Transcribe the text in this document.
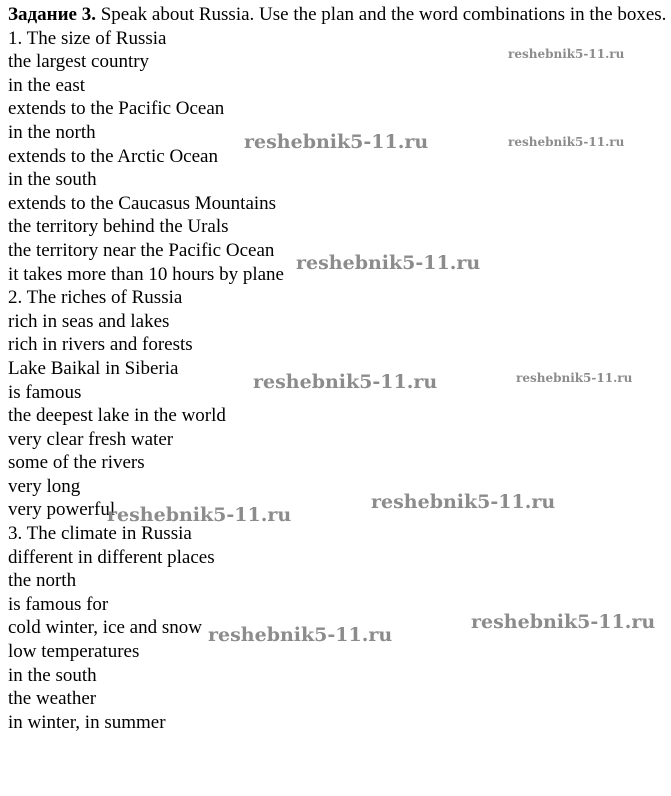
Задание 3. Speak about Russia. Use the plan and the word combinations in the boxes.

1. The size of Russia
the largest country
in the east
extends to the Pacific Ocean
in the north
extends to the Arctic Ocean
in the south
extends to the Caucasus Mountains
the territory behind the Urals
the territory near the Pacific Ocean
it takes more than 10 hours by plane
2. The riches of Russia
rich in seas and lakes
rich in rivers and forests
Lake Baikal in Siberia
is famous
the deepest lake in the world
very clear fresh water
some of the rivers
very long
very powerful
3. The climate in Russia
different in different places
the north
is famous for
cold winter, ice and snow
low temperatures
in the south
the weather
in winter, in summer
reshebnik5-11.ru
reshebnik5-11.ru	reshebnik5-11.ru
reshebnik5-11.ru
reshebnik5-11.ru	reshebnik5-11.ru
reshebnik5-11.ru
reshebnik5-11.ru
reshebnik5-11.ru
reshebnik5-11.ru
